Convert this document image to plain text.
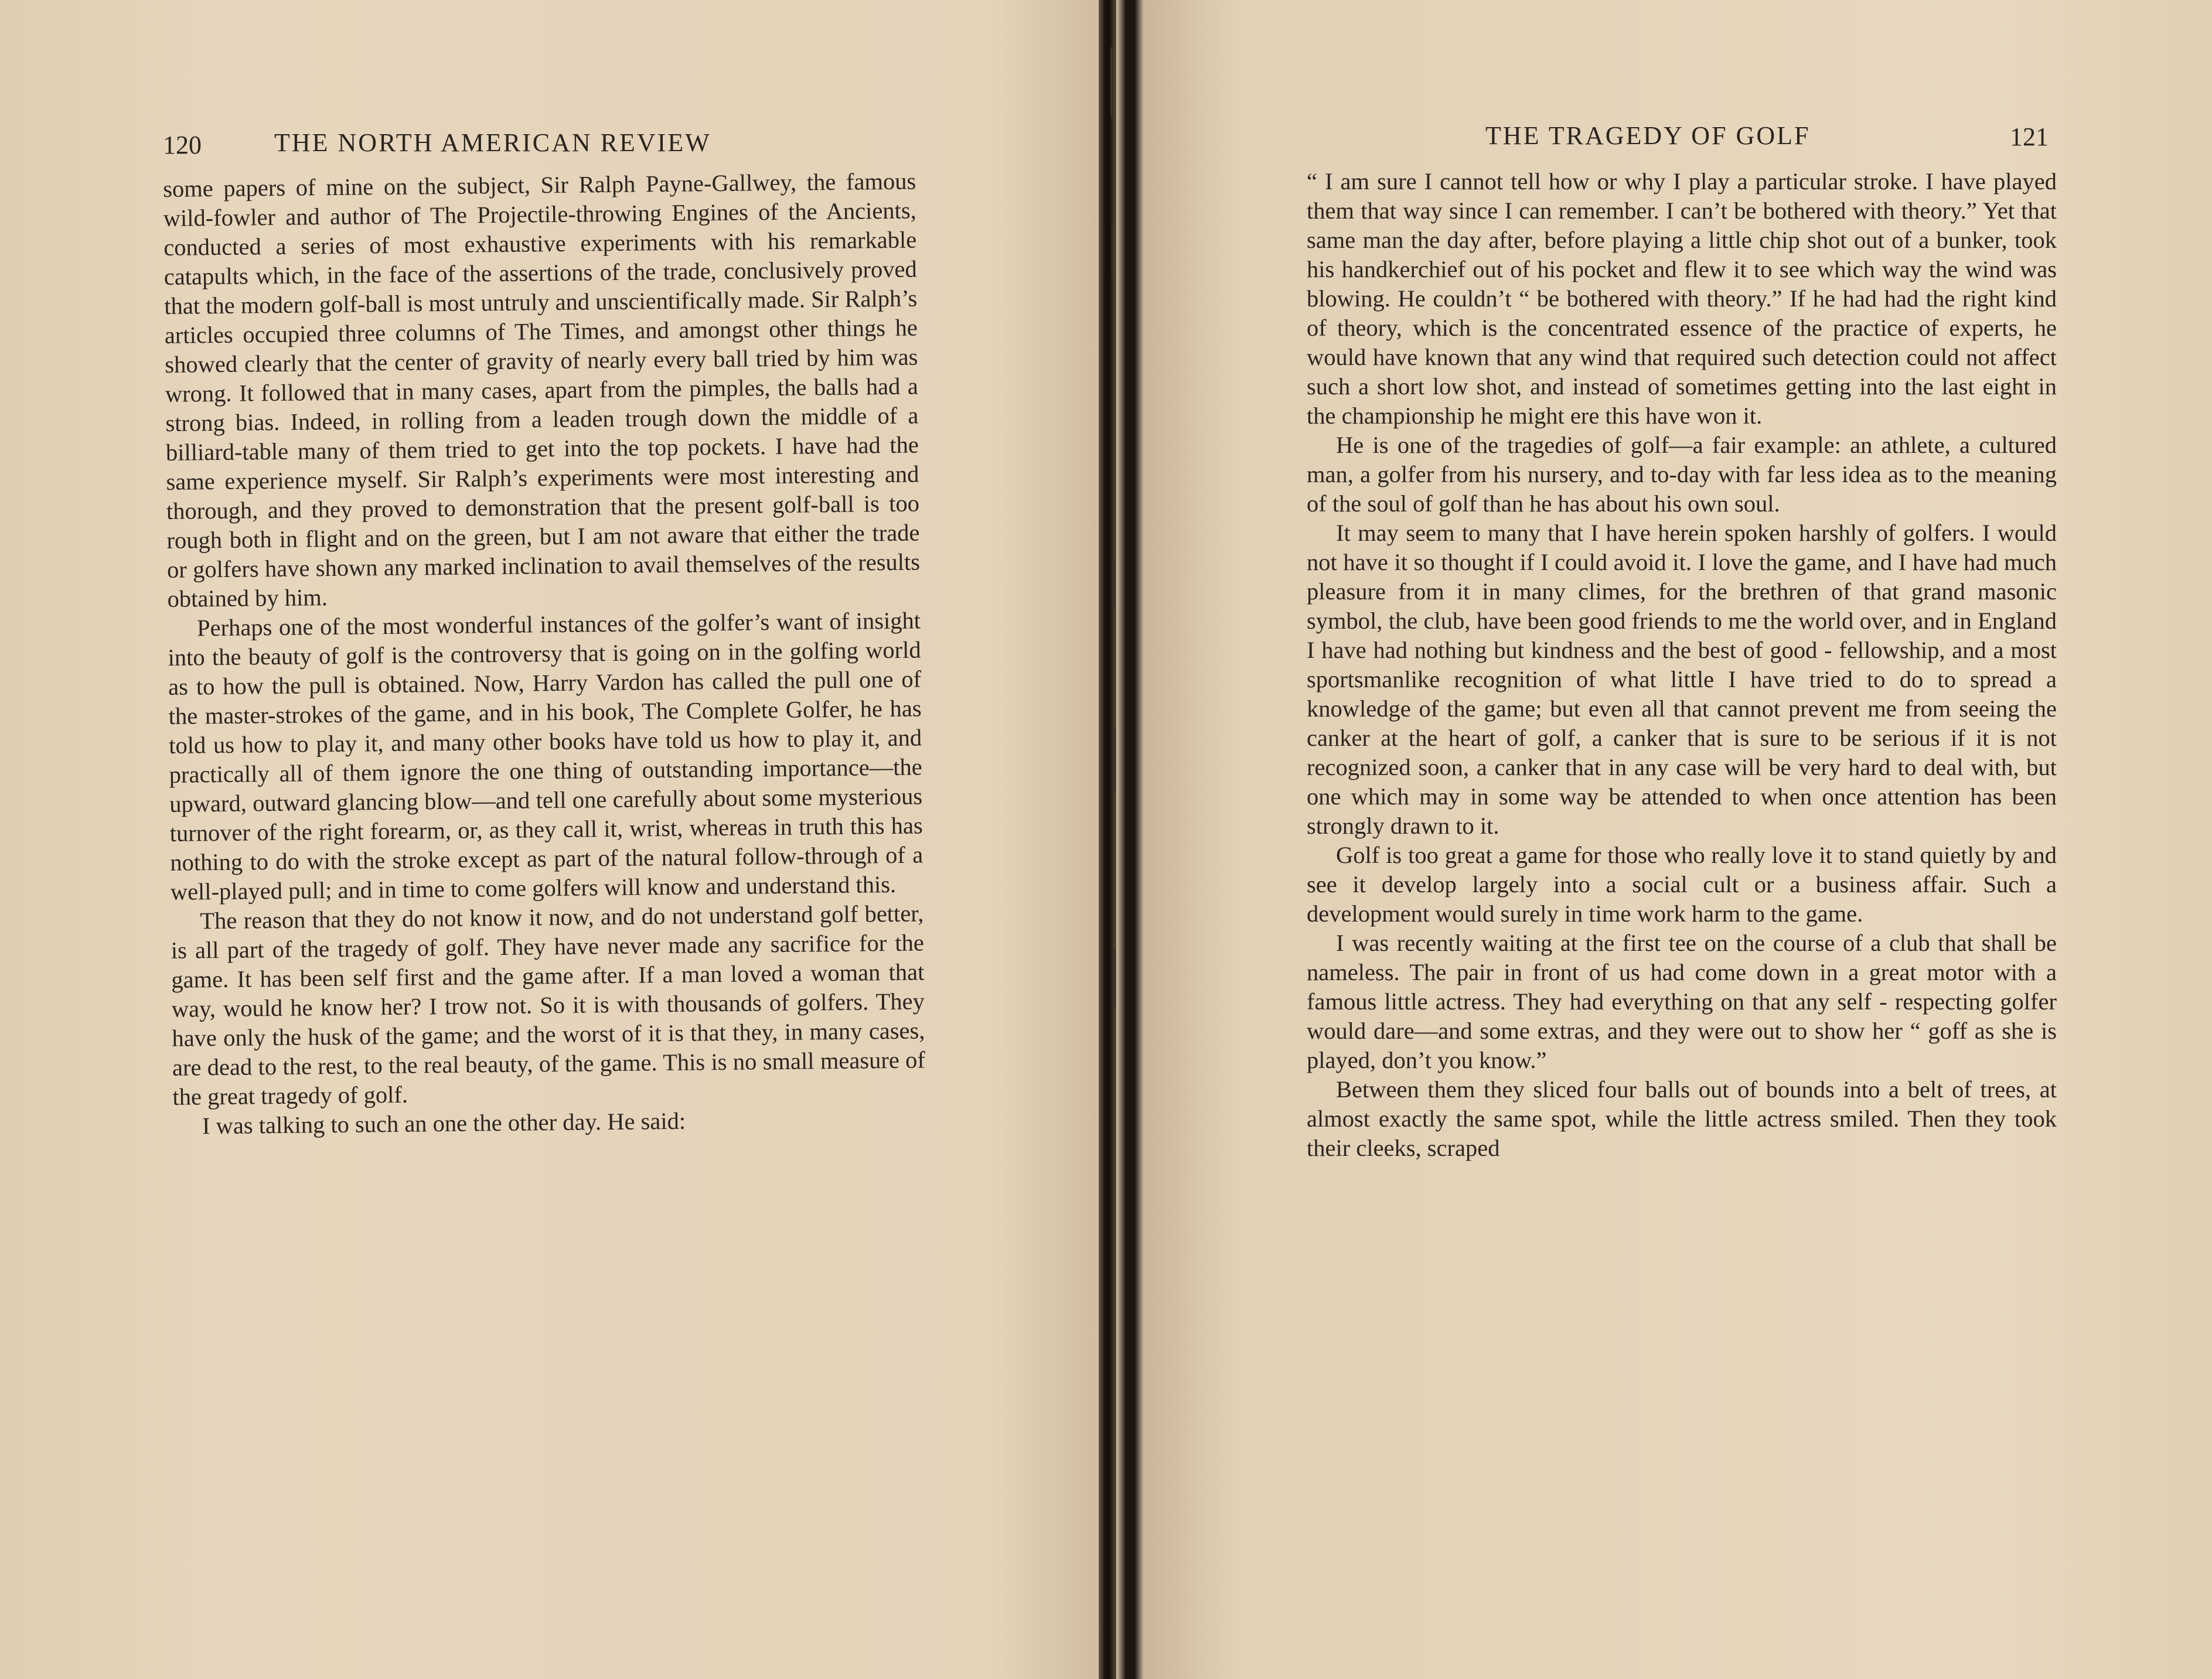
120	THE NORTH AMERICAN REVIEW

some papers of mine on the subject, Sir Ralph Payne-Gallwey, the famous wild-fowler and author of The Projectile-throwing Engines of the Ancients, conducted a series of most exhaustive experiments with his remarkable catapults which, in the face of the assertions of the trade, conclusively proved that the modern golf-ball is most untruly and unscientifically made. Sir Ralph’s articles occupied three columns of The Times, and amongst other things he showed clearly that the center of gravity of nearly every ball tried by him was wrong. It followed that in many cases, apart from the pimples, the balls had a strong bias. Indeed, in rolling from a leaden trough down the middle of a billiard-table many of them tried to get into the top pockets. I have had the same experience myself. Sir Ralph’s experiments were most interesting and thorough, and they proved to demonstration that the present golf-ball is too rough both in flight and on the green, but I am not aware that either the trade or golfers have shown any marked inclination to avail themselves of the results obtained by him.

Perhaps one of the most wonderful instances of the golfer’s want of insight into the beauty of golf is the controversy that is going on in the golfing world as to how the pull is obtained. Now, Harry Vardon has called the pull one of the master-strokes of the game, and in his book, The Complete Golfer, he has told us how to play it, and many other books have told us how to play it, and practically all of them ignore the one thing of outstanding importance—the upward, outward glancing blow—and tell one carefully about some mysterious turnover of the right forearm, or, as they call it, wrist, whereas in truth this has nothing to do with the stroke except as part of the natural follow-through of a well-played pull; and in time to come golfers will know and understand this.

The reason that they do not know it now, and do not understand golf better, is all part of the tragedy of golf. They have never made any sacrifice for the game. It has been self first and the game after. If a man loved a woman that way, would he know her? I trow not. So it is with thousands of golfers. They have only the husk of the game; and the worst of it is that they, in many cases, are dead to the rest, to the real beauty, of the game. This is no small measure of the great tragedy of golf.

I was talking to such an one the other day. He said:

THE TRAGEDY OF GOLF	121

“ I am sure I cannot tell how or why I play a particular stroke. I have played them that way since I can remember. I can’t be bothered with theory.” Yet that same man the day after, before playing a little chip shot out of a bunker, took his handkerchief out of his pocket and flew it to see which way the wind was blowing. He couldn’t “ be bothered with theory.” If he had had the right kind of theory, which is the concentrated essence of the practice of experts, he would have known that any wind that required such detection could not affect such a short low shot, and instead of sometimes getting into the last eight in the championship he might ere this have won it.

He is one of the tragedies of golf—a fair example: an athlete, a cultured man, a golfer from his nursery, and to-day with far less idea as to the meaning of the soul of golf than he has about his own soul.

It may seem to many that I have herein spoken harshly of golfers. I would not have it so thought if I could avoid it. I love the game, and I have had much pleasure from it in many climes, for the brethren of that grand masonic symbol, the club, have been good friends to me the world over, and in England I have had nothing but kindness and the best of good - fellowship, and a most sportsmanlike recognition of what little I have tried to do to spread a knowledge of the game; but even all that cannot prevent me from seeing the canker at the heart of golf, a canker that is sure to be serious if it is not recognized soon, a canker that in any case will be very hard to deal with, but one which may in some way be attended to when once attention has been strongly drawn to it.

Golf is too great a game for those who really love it to stand quietly by and see it develop largely into a social cult or a business affair. Such a development would surely in time work harm to the game.

I was recently waiting at the first tee on the course of a club that shall be nameless. The pair in front of us had come down in a great motor with a famous little actress. They had everything on that any self - respecting golfer would dare—and some extras, and they were out to show her “ goff as she is played, don’t you know.”

Between them they sliced four balls out of bounds into a belt of trees, at almost exactly the same spot, while the little actress smiled. Then they took their cleeks, scraped
